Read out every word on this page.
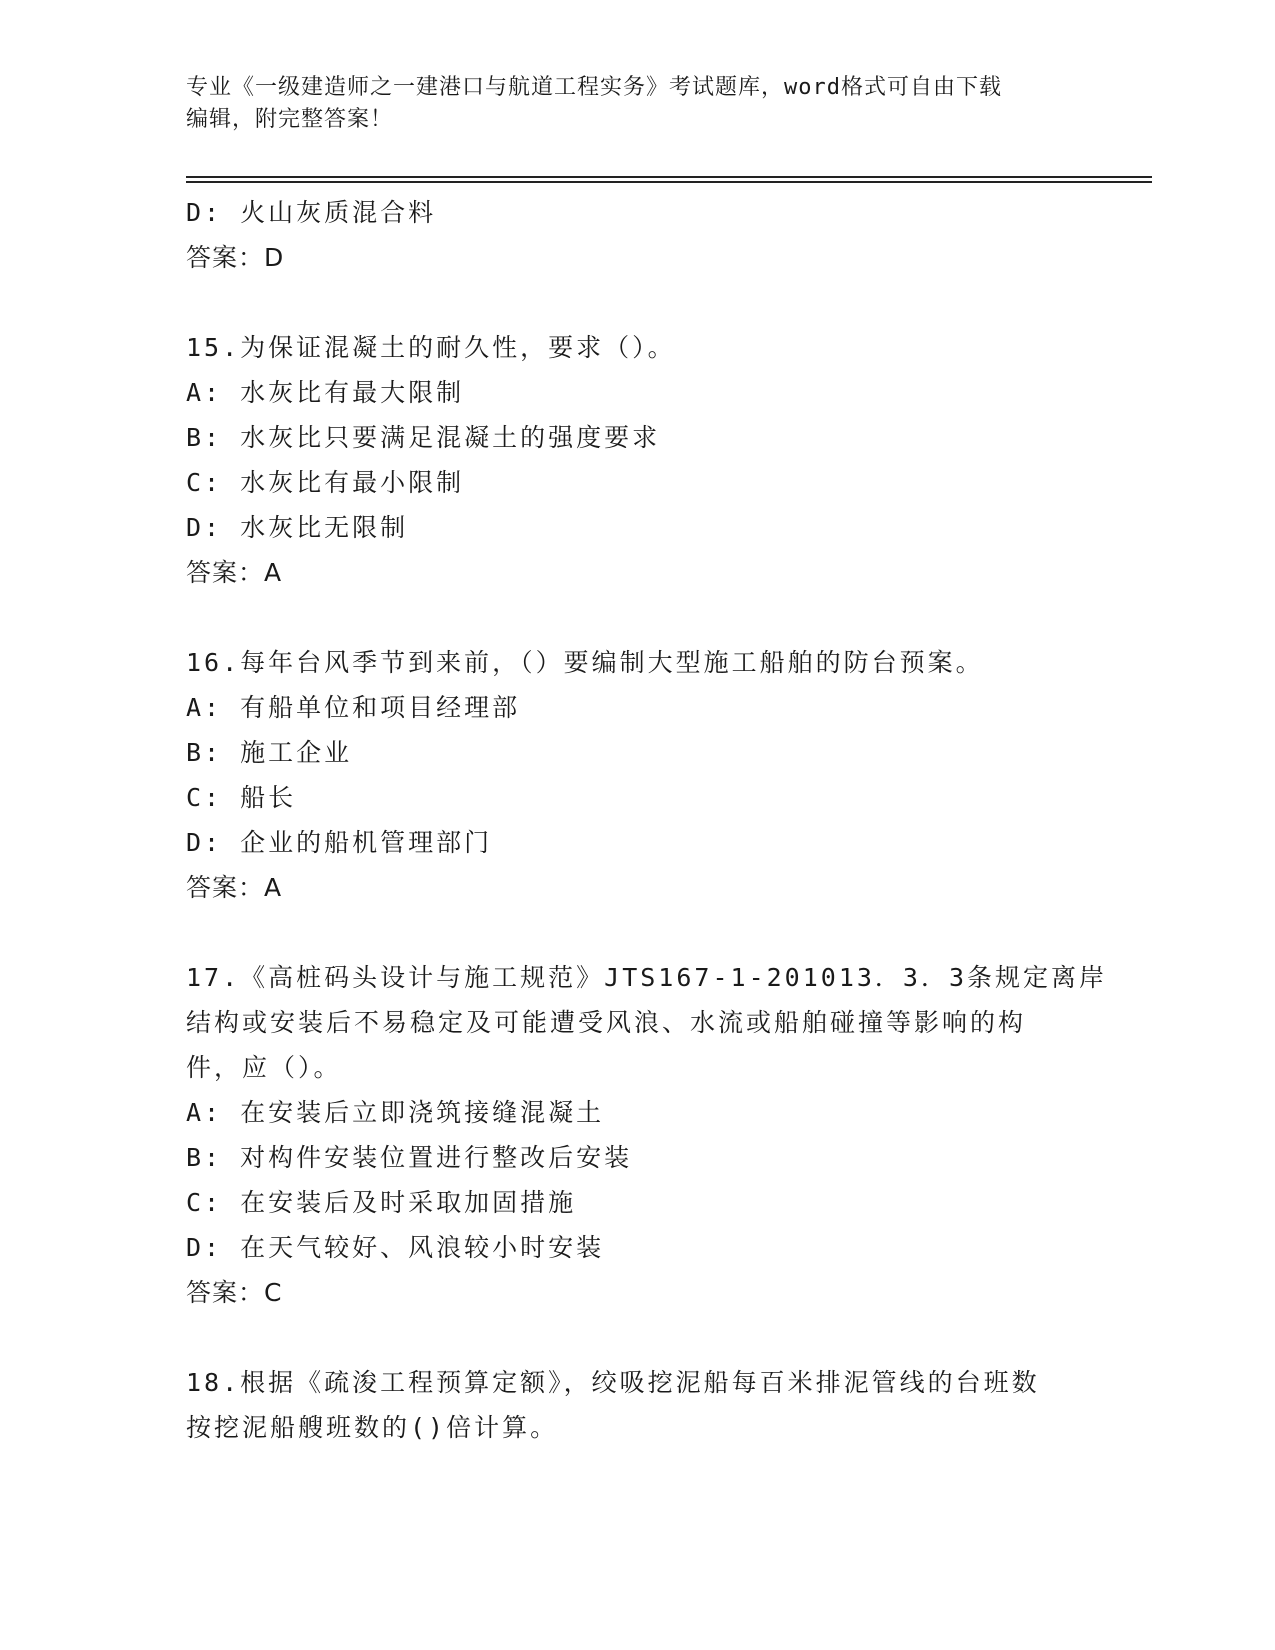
专业《一级建造师之一建港口与航道工程实务》考试题库，word格式可自由下载
编辑，附完整答案！
D: 火山灰质混合料
答案：D
15.为保证混凝土的耐久性，要求（）。
A: 水灰比有最大限制
B: 水灰比只要满足混凝土的强度要求
C: 水灰比有最小限制
D: 水灰比无限制
答案：A
16.每年台风季节到来前，（）要编制大型施工船舶的防台预案。
A: 有船单位和项目经理部
B: 施工企业
C: 船长
D: 企业的船机管理部门
答案：A
17.《高桩码头设计与施工规范》JTS167-1-201013．3．3条规定离岸
结构或安装后不易稳定及可能遭受风浪、水流或船舶碰撞等影响的构
件，应（）。
A: 在安装后立即浇筑接缝混凝土
B: 对构件安装位置进行整改后安装
C: 在安装后及时采取加固措施
D: 在天气较好、风浪较小时安装
答案：C
18.根据《疏浚工程预算定额》，绞吸挖泥船每百米排泥管线的台班数
按挖泥船艘班数的()倍计算。
